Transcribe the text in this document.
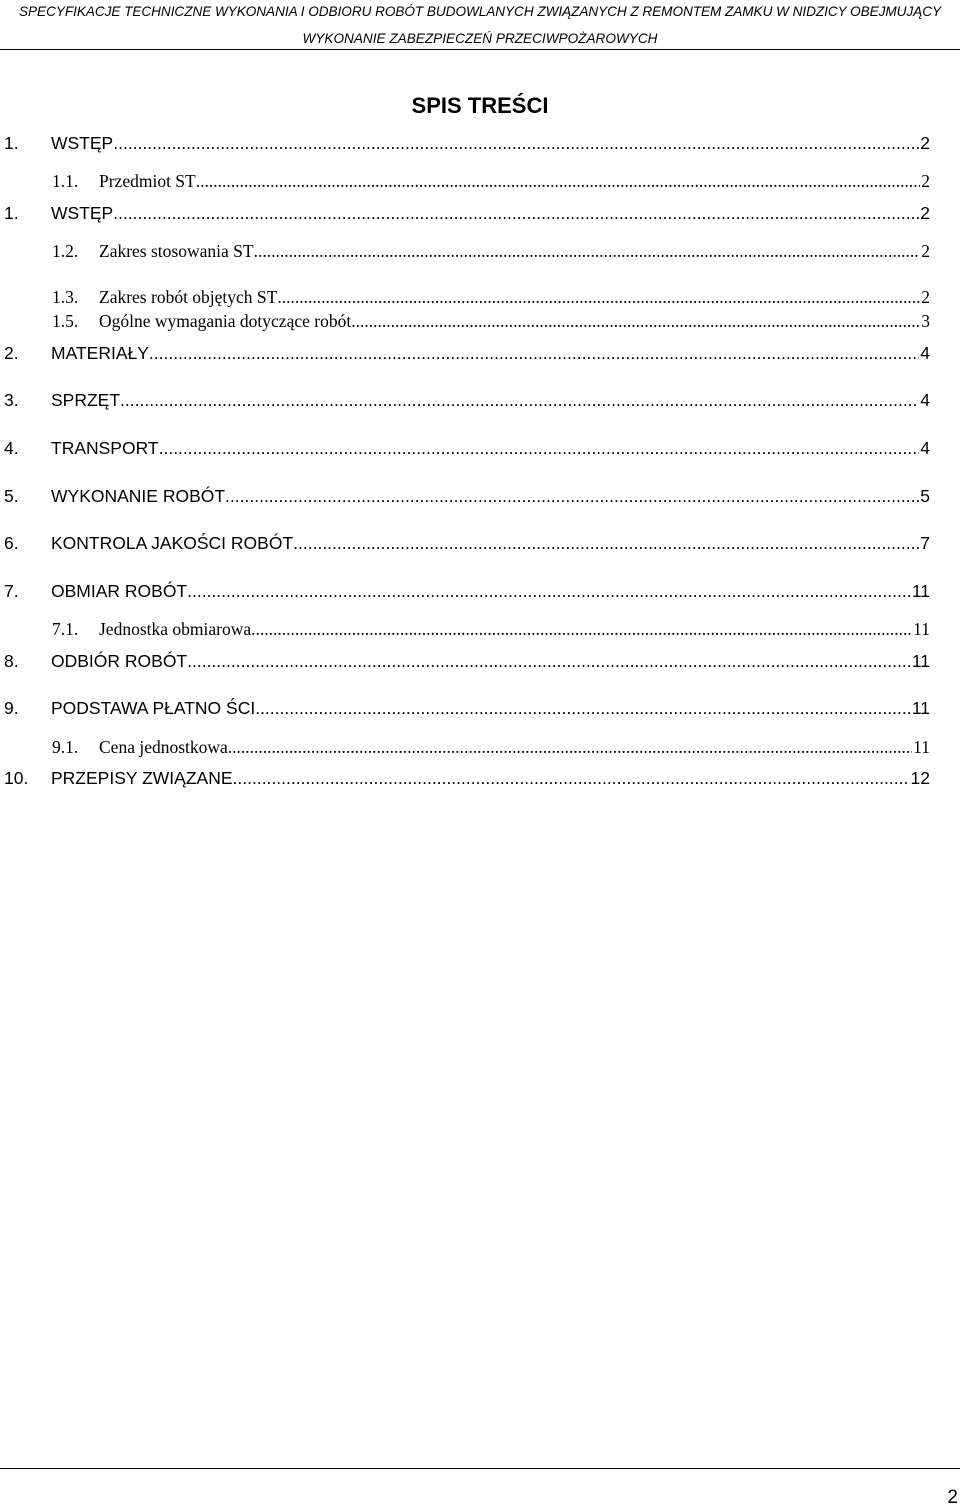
SPECYFIKACJE TECHNICZNE WYKONANIA I ODBIORU ROBÓT BUDOWLANYCH ZWIĄZANYCH Z REMONTEM ZAMKU W NIDZICY OBEJMUJĄCY
WYKONANIE ZABEZPIECZEŃ PRZECIWPOŻAROWYCH
SPIS TREŚCI
1. WSTĘP .....	2
1.1. Przedmiot ST .....	2
1. WSTĘP .....	2
1.2. Zakres stosowania ST .....	2
1.3. Zakres robót objętych ST .....	2
1.5. Ogólne wymagania dotyczące robót .....	3
2. MATERIAŁY .....	4
3. SPRZĘT .....	4
4. TRANSPORT .....	4
5. WYKONANIE ROBÓT .....	5
6. KONTROLA JAKOŚCI ROBÓT .....	7
7. OBMIAR ROBÓT .....	11
7.1. Jednostka obmiarowa .....	11
8. ODBIÓR ROBÓT .....	11
9. PODSTAWA PŁATNO ŚCI .....	11
9.1. Cena jednostkowa .....	11
10. PRZEPISY ZWIĄZANE .....	12
2
